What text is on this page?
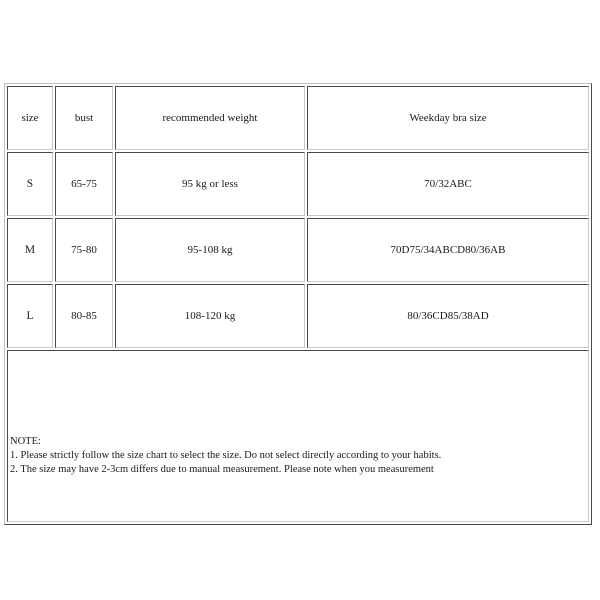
size	bust	recommended weight	Weekday bra size
S	65-75	95 kg or less	70/32ABC
M	75-80	95-108 kg	70D75/34ABCD80/36AB
L	80-85	108-120 kg	80/36CD85/38AD

NOTE:
1. Please strictly follow the size chart to select the size. Do not select directly according to your habits.
2. The size may have 2-3cm differs due to manual measurement. Please note when you measurement			
